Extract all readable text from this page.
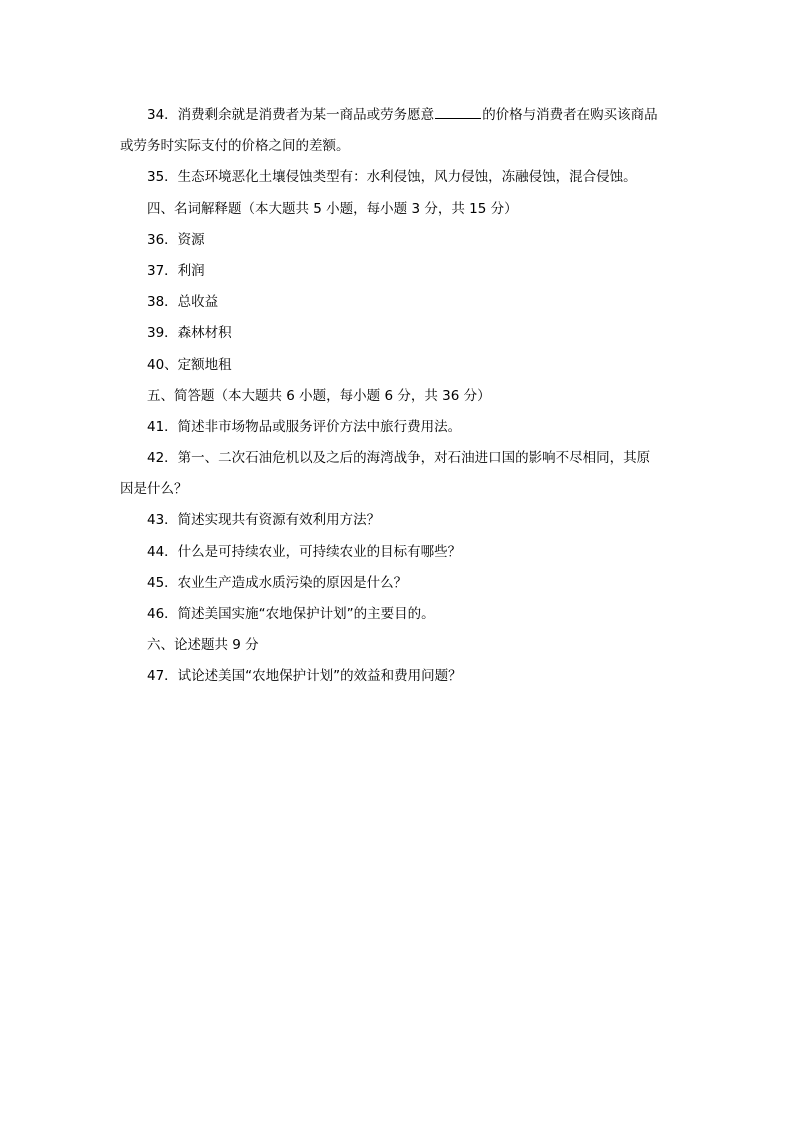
34．消费剩余就是消费者为某一商品或劳务愿意	的价格与消费者在购买该商品
或劳务时实际支付的价格之间的差额。
35．生态环境恶化土壤侵蚀类型有：水利侵蚀，风力侵蚀，冻融侵蚀，混合侵蚀。
四、名词解释题（本大题共 5 小题，每小题 3 分，共 15 分）
36．资源
37．利润
38．总收益
39．森林材积
40、定额地租
五、简答题（本大题共 6 小题，每小题 6 分，共 36 分）
41．简述非市场物品或服务评价方法中旅行费用法。
42．第一、二次石油危机以及之后的海湾战争，对石油进口国的影响不尽相同，其原
因是什么？
43．简述实现共有资源有效利用方法？
44．什么是可持续农业，可持续农业的目标有哪些？
45．农业生产造成水质污染的原因是什么？
46．简述美国实施“农地保护计划”的主要目的。
六、论述题共 9 分
47．试论述美国“农地保护计划”的效益和费用问题？
